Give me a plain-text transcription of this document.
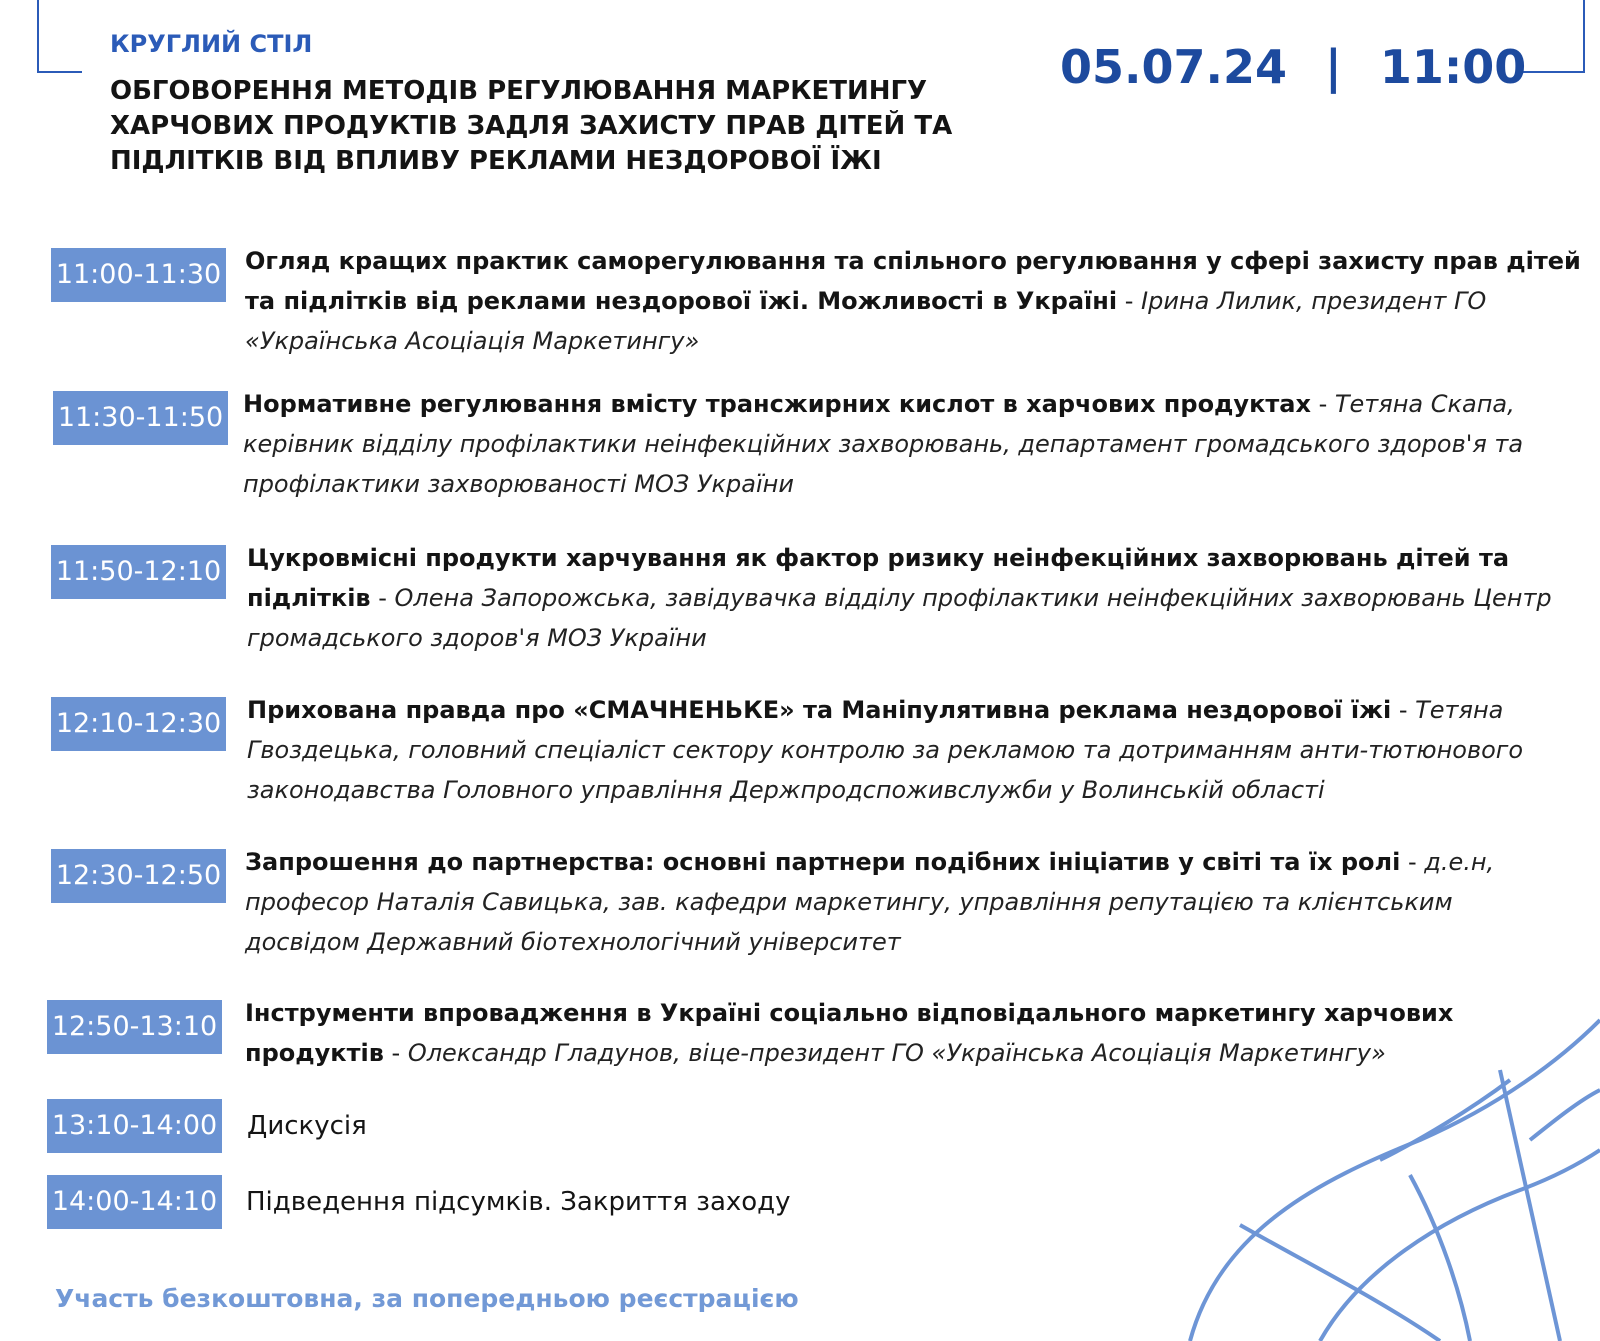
КРУГЛИЙ СТІЛ
ОБГОВОРЕННЯ МЕТОДІВ РЕГУЛЮВАННЯ МАРКЕТИНГУ ХАРЧОВИХ ПРОДУКТІВ ЗАДЛЯ ЗАХИСТУ ПРАВ ДІТЕЙ ТА ПІДЛІТКІВ ВІД ВПЛИВУ РЕКЛАМИ НЕЗДОРОВОЇ ЇЖІ
05.07.24 | 11:00
11:00-11:30 Огляд кращих практик саморегулювання та спільного регулювання у сфері захисту прав дітей та підлітків від реклами нездорової їжі. Можливості в Україні - Ірина Лилик, президент ГО «Українська Асоціація Маркетингу»
11:30-11:50 Нормативне регулювання вмісту трансжирних кислот в харчових продуктах - Тетяна Скапа, керівник відділу профілактики неінфекційних захворювань, департамент громадського здоров'я та профілактики захворюваності МОЗ України
11:50-12:10 Цукровмісні продукти харчування як фактор ризику неінфекційних захворювань дітей та підлітків - Олена Запорожська, завідувачка відділу профілактики неінфекційних захворювань Центр громадського здоров'я МОЗ України
12:10-12:30 Прихована правда про «СМАЧНЕНЬКЕ» та Маніпулятивна реклама нездорової їжі - Тетяна Гвоздецька, головний спеціаліст сектору контролю за рекламою та дотриманням анти-тютюнового законодавства Головного управління Держпродспоживслужби у Волинській області
12:30-12:50 Запрошення до партнерства: основні партнери подібних ініціатив у світі та їх ролі - д.е.н, професор Наталія Савицька, зав. кафедри маркетингу, управління репутацією та клієнтським досвідом Державний біотехнологічний університет
12:50-13:10 Інструменти впровадження в Україні соціально відповідального маркетингу харчових продуктів - Олександр Гладунов, віце-президент ГО «Українська Асоціація Маркетингу»
13:10-14:00 Дискусія
14:00-14:10 Підведення підсумків. Закриття заходу
Участь безкоштовна, за попередньою реєстрацією
